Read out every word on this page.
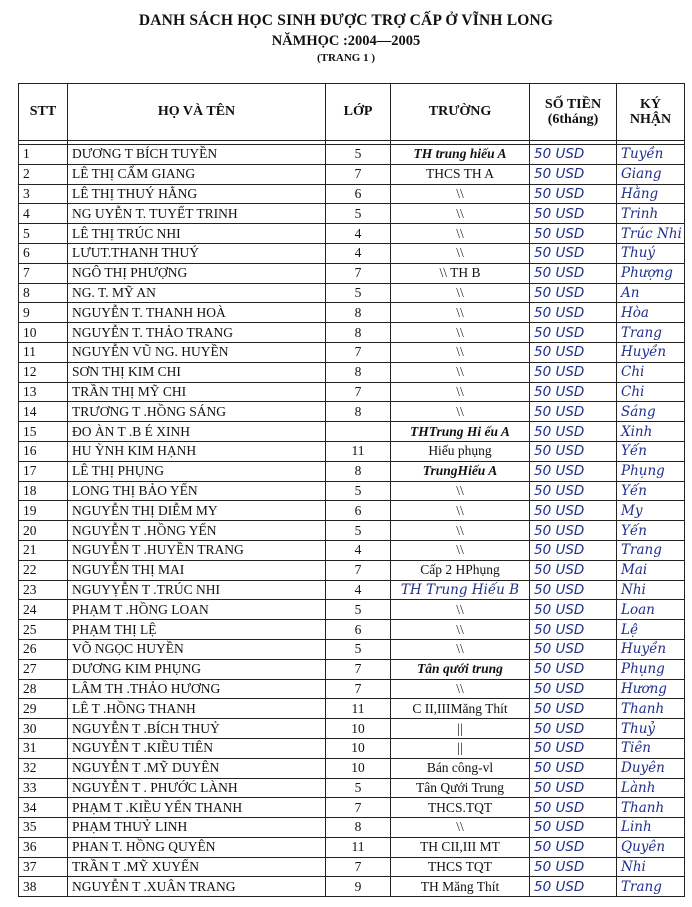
DANH SÁCH HỌC SINH ĐƯỢC TRỢ CẤP Ở VĨNH LONG
NĂMHỌC :2004—2005
(TRANG 1 )
STT	HỌ VÀ TÊN	LỚP	TRƯỜNG	SỐ TIỀN (6tháng)	KÝ NHẬN

1	DƯƠNG T BÍCH TUYỀN	5	TH trung hiếu A	50 USD	Tuyền
2	LÊ THỊ CẨM GIANG	7	THCS TH A	50 USD	Giang
3	LÊ THỊ THUÝ HẰNG	6	\\	50 USD	Hằng
4	NG UYỄN T. TUYẾT TRINH	5	\\	50 USD	Trinh
5	LÊ THỊ TRÚC NHI	4	\\	50 USD	Trúc Nhi
6	LƯUT.THANH THUÝ	4	\\	50 USD	Thuý
7	NGÔ THỊ PHƯỢNG	7	\\ TH B	50 USD	Phượng
8	NG. T. MỸ AN	5	\\	50 USD	An
9	NGUYỄN T. THANH HOÀ	8	\\	50 USD	Hòa
10	NGUYỄN T. THẢO TRANG	8	\\	50 USD	Trang
11	NGUYỄN VŨ NG. HUYỀN	7	\\	50 USD	Huyền
12	SƠN THỊ KIM CHI	8	\\	50 USD	Chi
13	TRẦN THỊ MỸ CHI	7	\\	50 USD	Chi
14	TRƯƠNG T .HỒNG SÁNG	8	\\	50 USD	Sáng
15	ĐO ÀN T .B É XINH		THTrung Hi ếu A	50 USD	Xinh
16	HU ỲNH KIM HẠNH	11	Hiếu phụng	50 USD	Yến
17	LÊ THỊ PHỤNG	8	TrungHiếu A	50 USD	Phụng
18	LONG THỊ BẢO YẾN	5	\\	50 USD	Yến
19	NGUYỄN THỊ DIỄM MY	6	\\	50 USD	My
20	NGUYỄN T .HỒNG YẾN	5	\\	50 USD	Yến
21	NGUYỄN T .HUYỀN TRANG	4	\\	50 USD	Trang
22	NGUYỄN THỊ MAI	7	Cấp 2 HPhụng	50 USD	Mai
23	NGUYỴỄN T .TRÚC NHI	4	TH Trung Hiếu B	50 USD	Nhi
24	PHẠM T .HỒNG LOAN	5	\\	50 USD	Loan
25	PHẠM THỊ LỆ	6	\\	50 USD	Lệ
26	VÕ NGỌC HUYỀN	5	\\	50 USD	Huyền
27	DƯƠNG KIM PHỤNG	7	Tân qưới trung	50 USD	Phụng
28	LÂM TH .THẢO HƯƠNG	7	\\	50 USD	Hương
29	LÊ T .HỒNG THANH	11	C II,IIIMăng Thít	50 USD	Thanh
30	NGUYỄN T .BÍCH THUỶ	10	||	50 USD	Thuỷ
31	NGUYỄN T .KIỀU TIÊN	10	||	50 USD	Tiên
32	NGUYỄN T .MỸ DUYÊN	10	Bán công-vl	50 USD	Duyên
33	NGUYỄN T . PHƯỚC LÀNH	5	Tân Qưới Trung	50 USD	Lành
34	PHẠM T .KIỀU YẾN THANH	7	THCS.TQT	50 USD	Thanh
35	PHẠM THUỶ LINH	8	\\	50 USD	Linh
36	PHAN T. HỒNG QUYÊN	11	TH CII,III MT	50 USD	Quyên
37	TRẦN T .MỸ XUYẾN	7	THCS TQT	50 USD	Nhi
38	NGUYỄN T .XUÂN TRANG	9	TH Măng Thít	50 USD	Trang
